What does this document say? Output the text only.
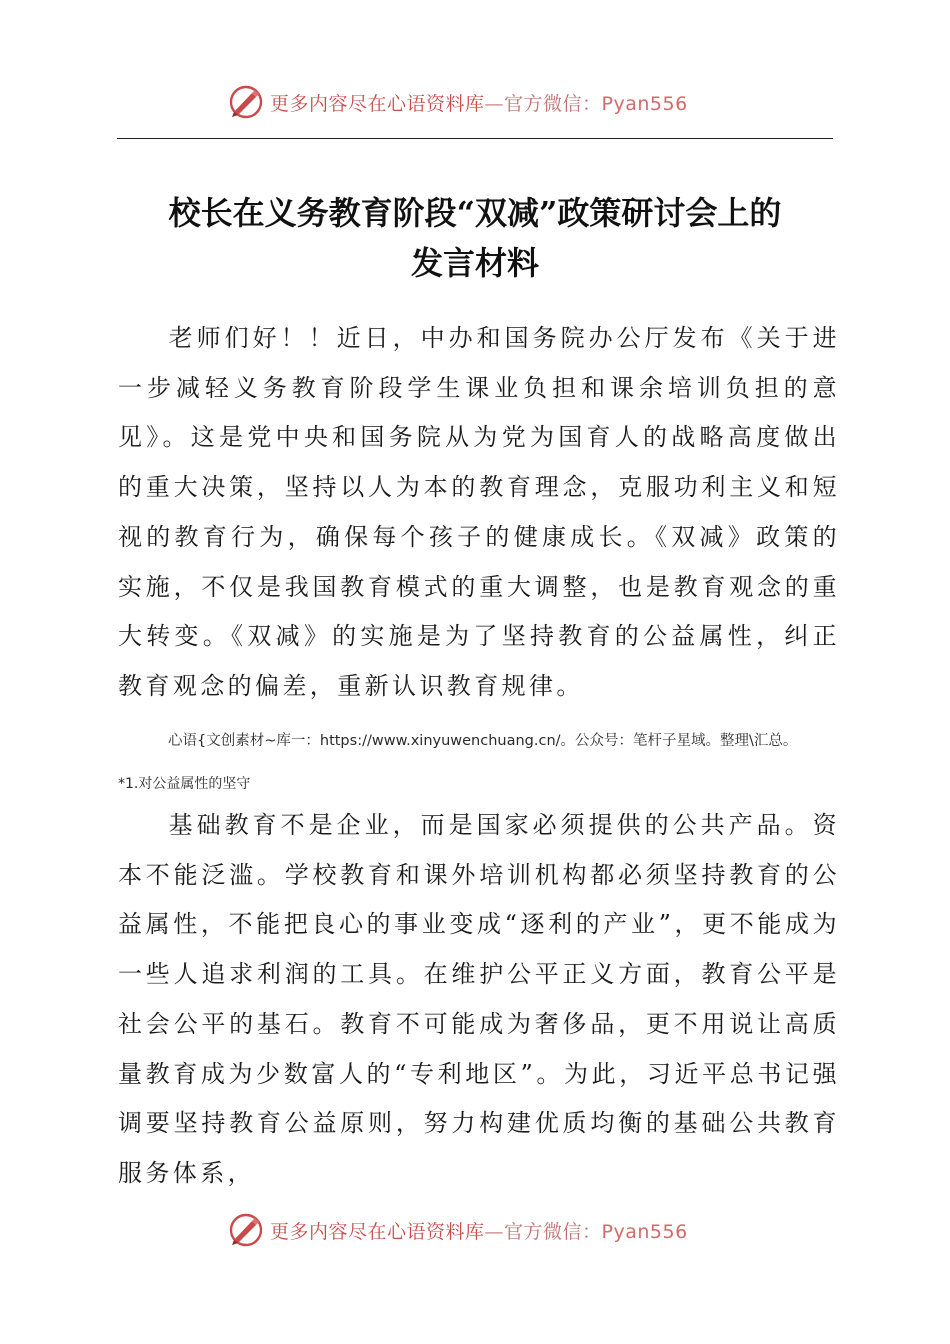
更多内容尽在心语资料库—官方微信：Pyan556
校长在义务教育阶段“双减”政策研讨会上的
发言材料
老师们好！！近日，中办和国务院办公厅发布《关于进一步减轻义务教育阶段学生课业负担和课余培训负担的意见》。这是党中央和国务院从为党为国育人的战略高度做出的重大决策，坚持以人为本的教育理念，克服功利主义和短视的教育行为，确保每个孩子的健康成长。《双减》政策的实施，不仅是我国教育模式的重大调整，也是教育观念的重大转变。《双减》的实施是为了坚持教育的公益属性，纠正教育观念的偏差，重新认识教育规律。
心语{文创素材~库一：https://www.xinyuwenchuang.cn/。公众号：笔杆子星域。整理\汇总。
*1.对公益属性的坚守
基础教育不是企业，而是国家必须提供的公共产品。资本不能泛滥。学校教育和课外培训机构都必须坚持教育的公益属性，不能把良心的事业变成“逐利的产业”，更不能成为一些人追求利润的工具。在维护公平正义方面，教育公平是社会公平的基石。教育不可能成为奢侈品，更不用说让高质量教育成为少数富人的“专利地区”。为此，习近平总书记强调要坚持教育公益原则，努力构建优质均衡的基础公共教育服务体系，
更多内容尽在心语资料库—官方微信：Pyan556
